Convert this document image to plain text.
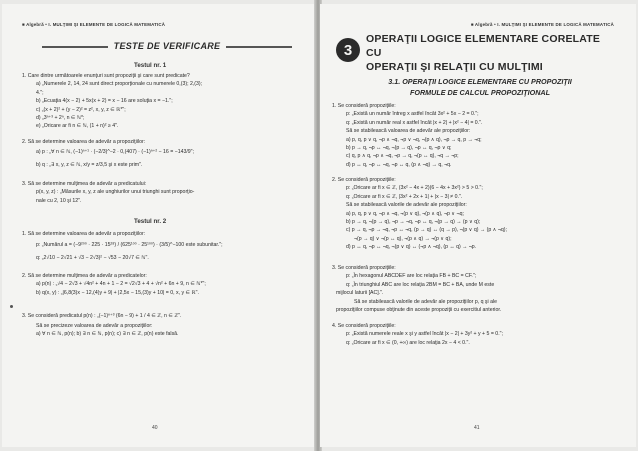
■ Algebră • I. MULŢIMI ŞI ELEMENTE DE LOGICĂ MATEMATICĂ
TESTE DE VERIFICARE
Testul nr. 1
1. Care dintre următoarele enunţuri sunt propoziţii şi care sunt predicate?
a) „Numerele 2, 14, 24 sunt direct proporţionale cu numerele 0,(3); 2,(3);
4.";
b) „Ecuaţia 4(x − 2) + 5x(x + 2) = x − 16 are soluţia x = −1.";
c) „(x + 2)² + (y − 2)² = z², x, y, z ∈ ℝ*";
d) „3ⁿ⁺³ + 2ⁿ, n ∈ ℕ*;
e) „Oricare ar fi n ∈ ℕ, (1 + n)² ≥ 4".
2. Să se determine valoarea de adevăr a propoziţiilor:
a) p : „∀ n ∈ ℕ, (−1)ⁿ⁺¹ · (−2/3)^−2 · 0,(407) · (−1)ⁿ⁺² − 16 = −143/9";
b) q : „∃ x, y, z ∈ ℕ, x/y = z/3,5 şi x este prim".
3. Să se determine mulţimea de adevăr a predicatului:
p(x, y, z) : „Măsurile x, y, z ale unghiurilor unui triunghi sunt proporţio-
nale cu 2, 10 şi 12".
Testul nr. 2
1. Să se determine valoarea de adevăr a propoziţiilor:
p: „Numărul a = (−9²⁰⁰ · 225 · 15²⁸) / (625¹⁰⁰ · 25¹⁰⁰) · (3/5)^−100 este subunitar.";
q: „2√10 − 2√21 + √3 − 2√3)² − √53 − 20√7 ∈ ℕ".
2. Să se determine mulţimea de adevăr a predicatelor:
a) p(n) : „√4 − 2√3 + √4n² + 4n + 1 − 2 = √2√3 + 4 + √n² + 6n + 9, n ∈ ℕ*";
b) q(x, y) : „|6,8(3)x − 12,(4)y + 9| + |2,5x − 15,(3)y + 10| = 0, x, y ∈ ℝ".
3. Se consideră predicatul p(n) : „(−1)ⁿ⁺³ (6n − 9) + 1 / 4 ∈ ℤ, n ∈ ℤ".
Să se precizeze valoarea de adevăr a propoziţiilor:
a) ∀ n ∈ ℕ, p(n); b) ∃ n ∈ ℕ, p(n); c) ∃ n ∈ ℤ, p(n) este falsă.
40
■ Algebră • I. MULŢIMI ŞI ELEMENTE DE LOGICĂ MATEMATICĂ
3
OPERAŢII LOGICE ELEMENTARE CORELATE CU
OPERAŢII ŞI RELAŢII CU MULŢIMI
3.1. OPERAŢII LOGICE ELEMENTARE CU PROPOZIŢII
FORMULE DE CALCUL PROPOZIŢIONAL
1. Se consideră propoziţiile:
p: „Există un număr întreg x astfel încât 3x² + 5x − 2 = 0.";
q: „Există un număr real x astfel încât |x + 2| + |x² − 4| = 0.".
Să se stabilească valoarea de adevăr ale propoziţiilor:
a) p, q, p ∨ q, ¬p ∧ ¬q, ¬p ∨ ¬q, ¬(p ∧ q), ¬p → q, p → ¬q;
b) p → q, ¬p ↔ ¬q, ¬(p → q), ¬p ↔ q, ¬p ∨ q;
c) q, p ∧ q, ¬p ∧ ¬q, ¬p → q, ¬(p ↔ q), ¬q → ¬p;
d) p ↔ q, ¬p ↔ ¬q, ¬p ↔ q, (p ∧ ¬q) → q, ¬q.
2. Se consideră propoziţiile:
p: „Oricare ar fi x ∈ ℤ, (3x² − 4x + 2)(6 − 4x + 3x²) > 5 > 0.";
q: „Oricare ar fi x ∈ ℤ, |3x² + 2x + 1| + |x − 3| ≠ 0.".
Să se stabilească valorile de adevăr ale propoziţiilor:
a) p, q, p ∨ q, ¬p ∧ ¬q, ¬(p ∨ q), ¬(p ∧ q), ¬p ∨ ¬q;
b) p → q, ¬(p → q), ¬p → ¬q, ¬p ↔ q, ¬(p → q) → (p ∨ q);
c) p → q, ¬p → ¬q, ¬p ↔ ¬q, (p → q) ↔ (q → p), ¬(p ∨ q) → (p ∧ ¬q);
¬(p → q) ∨ ¬(p ↔ q), ¬(p ∧ q) → ¬(p ∨ q);
d) p ↔ q, ¬p ↔ ¬q, ¬(p ∨ q) ↔ (¬p ∧ ¬q), (p ↔ q) → ¬p.
3. Se consideră propoziţiile:
p: „În hexagonul ABCDEF are loc relaţia FB + BC = CF.";
q: „În triunghiul ABC are loc relaţia 2BM = BC + BA, unde M este
mijlocul laturii [AC].".
Să se stabilească valorile de adevăr ale propoziţiilor p, q şi ale
propoziţiilor compuse obţinute din aceste propoziţii cu exercitiul anterior.
4. Se consideră propoziţiile:
p: „Există numerele reale x şi y astfel încât |x − 2| + 3y² + y + 5 = 0.";
q: „Oricare ar fi x ∈ (0, +∞) are loc relaţia 2x − 4 < 0.".
41
